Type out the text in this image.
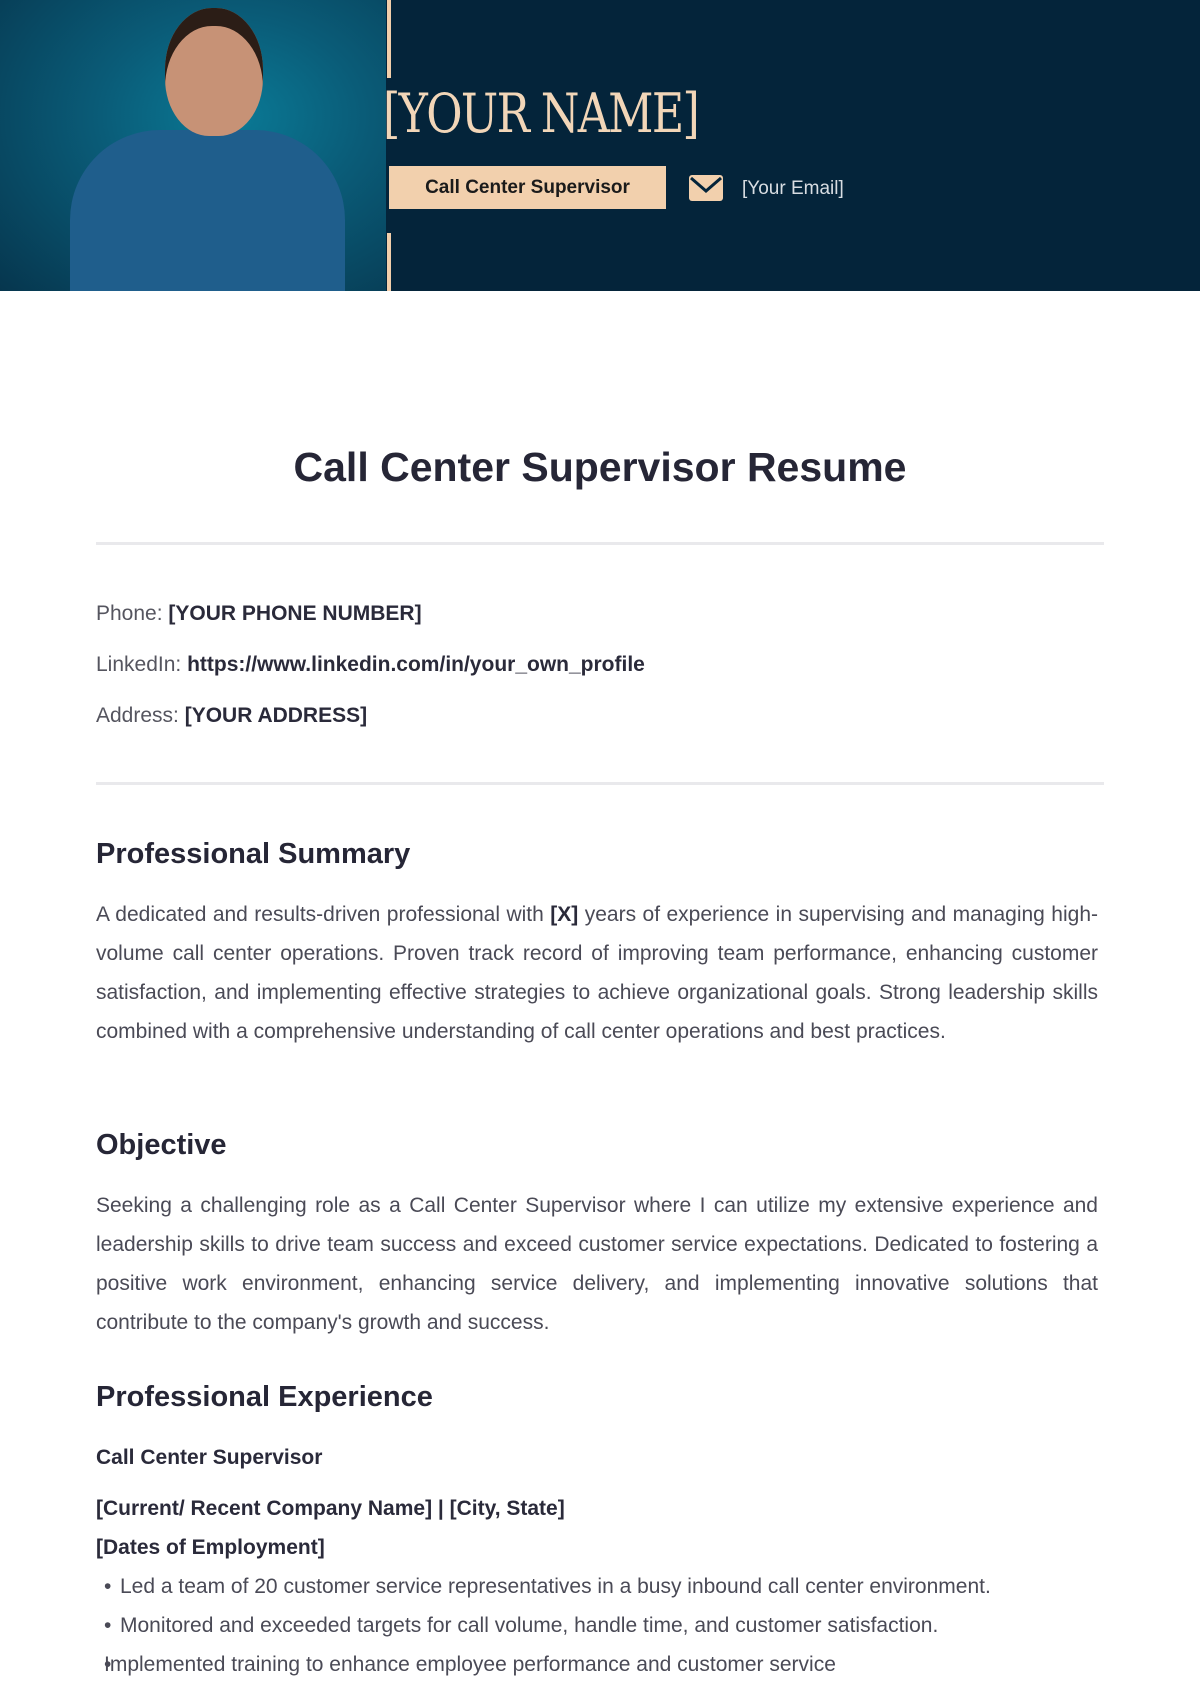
[YOUR NAME]
Call Center Supervisor	[Your Email]
Call Center Supervisor Resume
Phone: [YOUR PHONE NUMBER]
LinkedIn: https://www.linkedin.com/in/your_own_profile
Address: [YOUR ADDRESS]
Professional Summary
A dedicated and results-driven professional with [X] years of experience in supervising and managing high-volume call center operations. Proven track record of improving team performance, enhancing customer satisfaction, and implementing effective strategies to achieve organizational goals. Strong leadership skills combined with a comprehensive understanding of call center operations and best practices.
Objective
Seeking a challenging role as a Call Center Supervisor where I can utilize my extensive experience and leadership skills to drive team success and exceed customer service expectations. Dedicated to fostering a positive work environment, enhancing service delivery, and implementing innovative solutions that contribute to the company's growth and success.
Professional Experience
Call Center Supervisor
[Current/ Recent Company Name] | [City, State]
[Dates of Employment]
• Led a team of 20 customer service representatives in a busy inbound call center environment.
• Monitored and exceeded targets for call volume, handle time, and customer satisfaction.
• Implemented training to enhance employee performance and customer service
